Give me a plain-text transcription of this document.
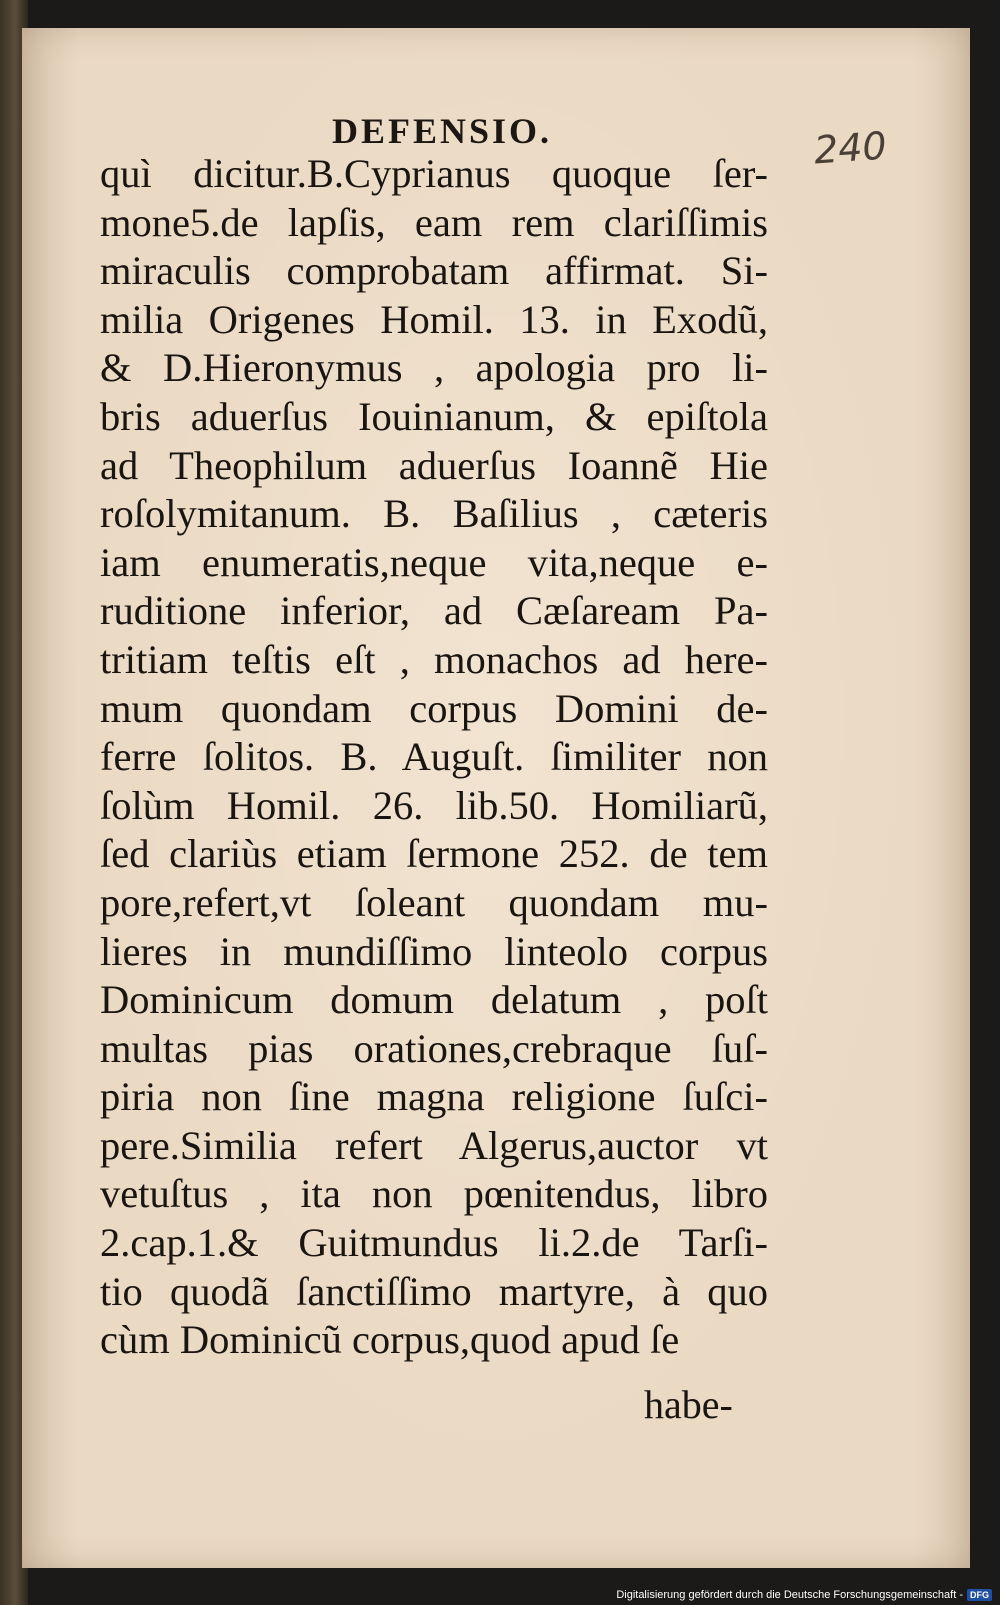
DEFENSIO.	240
quì dicitur.B.Cyprianus quoque ſer-
mone5.de lapſis, eam rem clariſſimis
miraculis comprobatam affirmat. Si-
milia Origenes Homil. 13. in Exodũ,
& D.Hieronymus , apologia pro li-
bris aduerſus Iouinianum, & epiſtola
ad Theophilum aduerſus Ioannẽ Hie
roſolymitanum. B. Baſilius , cæteris
iam enumeratis,neque vita,neque e-
ruditione inferior, ad Cæſaream Pa-
tritiam teſtis eſt , monachos ad here-
mum quondam corpus Domini de-
ferre ſolitos. B. Auguſt. ſimiliter non
ſolùm Homil. 26. lib.50. Homiliarũ,
ſed clariùs etiam ſermone 252. de tem
pore,refert,vt ſoleant quondam mu-
lieres in mundiſſimo linteolo corpus
Dominicum domum delatum , poſt
multas pias orationes,crebraque ſuſ-
piria non ſine magna religione ſuſci-
pere.Similia refert Algerus,auctor vt
vetuſtus , ita non pœnitendus, libro
2.cap.1.& Guitmundus li.2.de Tarſi-
tio quodã ſanctiſſimo martyre, à quo
cùm Dominicũ corpus,quod apud ſe
habe-
Digitalisierung gefördert durch die Deutsche Forschungsgemeinschaft - DFG
